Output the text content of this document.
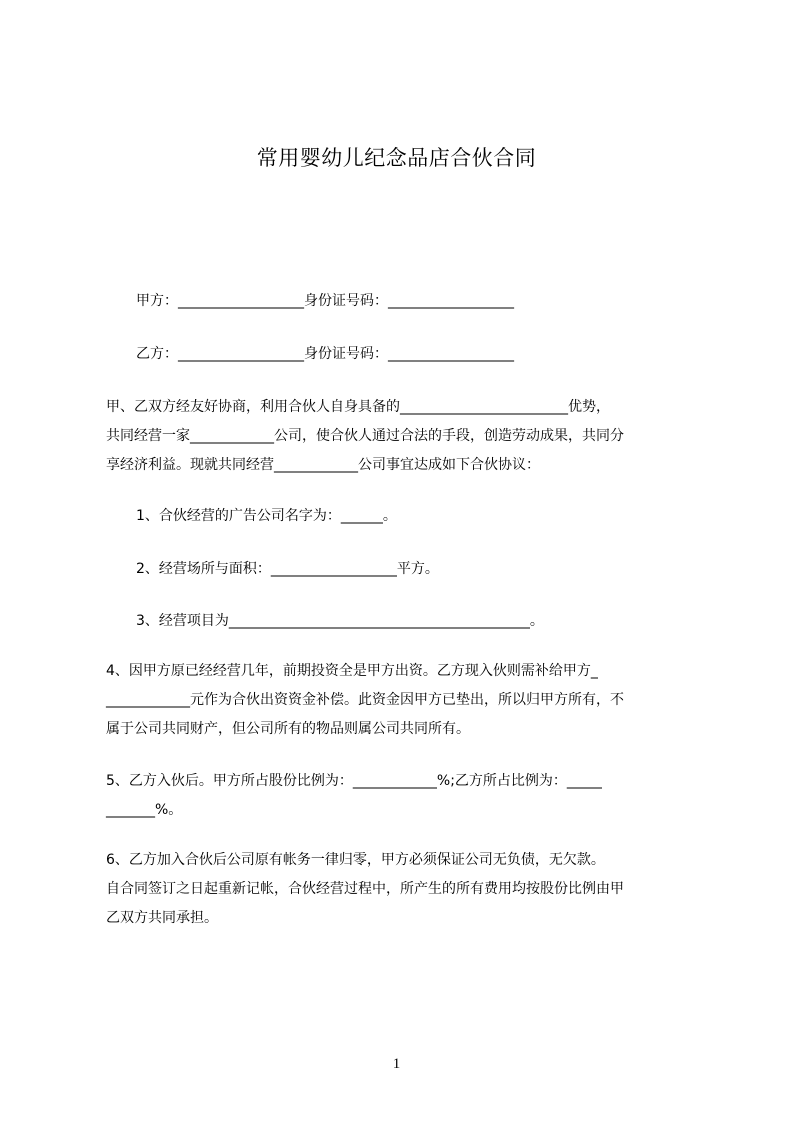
常用婴幼儿纪念品店合伙合同
甲方：__________________身份证号码：__________________
乙方：__________________身份证号码：__________________
甲、乙双方经友好协商，利用合伙人自身具备的________________________优势，
共同经营一家____________公司，使合伙人通过合法的手段，创造劳动成果，共同分
享经济利益。现就共同经营____________公司事宜达成如下合伙协议：
1、合伙经营的广告公司名字为：______。
2、经营场所与面积：__________________平方。
3、经营项目为___________________________________________。
4、因甲方原已经经营几年，前期投资全是甲方出资。乙方现入伙则需补给甲方_
____________元作为合伙出资资金补偿。此资金因甲方已垫出，所以归甲方所有，不
属于公司共同财产，但公司所有的物品则属公司共同所有。
5、乙方入伙后。甲方所占股份比例为：____________%;乙方所占比例为：_____
_______%。
6、乙方加入合伙后公司原有帐务一律归零，甲方必须保证公司无负债，无欠款。
自合同签订之日起重新记帐，合伙经营过程中，所产生的所有费用均按股份比例由甲
乙双方共同承担。
1
